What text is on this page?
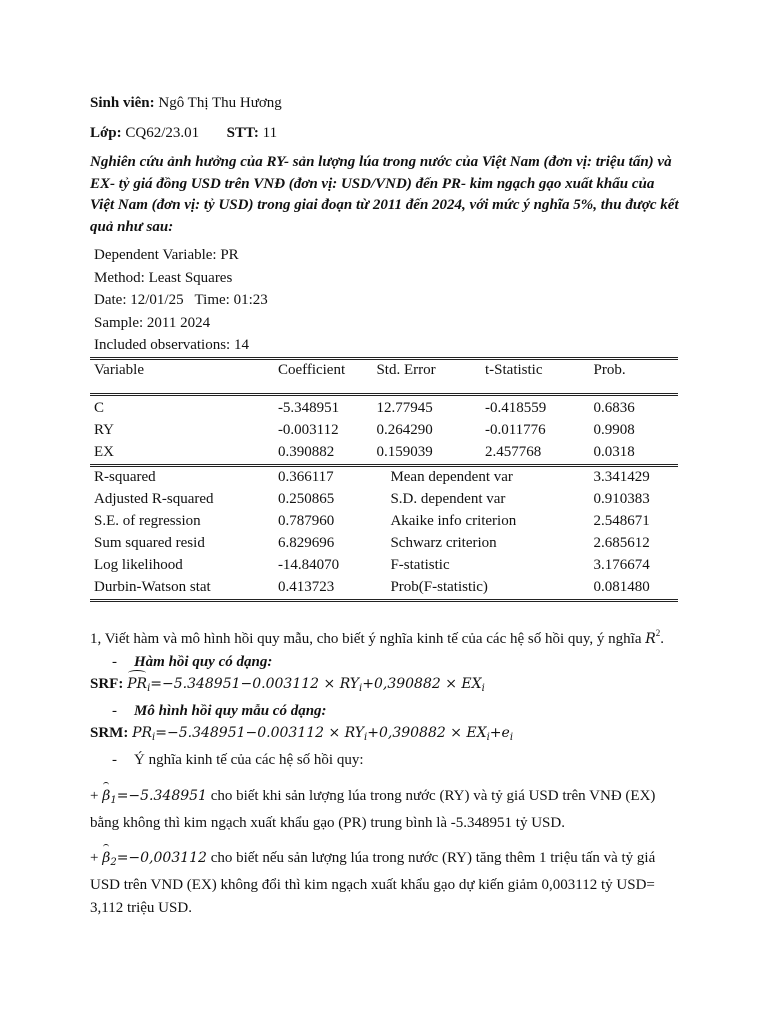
Sinh viên: Ngô Thị Thu Hương
Lớp: CQ62/23.01 STT: 11
Nghiên cứu ảnh hưởng của RY- sản lượng lúa trong nước của Việt Nam (đơn vị: triệu tấn) và EX- tỷ giá đồng USD trên VNĐ (đơn vị: USD/VND) đến PR- kim ngạch gạo xuất khẩu của Việt Nam (đơn vị: tỷ USD) trong giai đoạn từ 2011 đến 2024, với mức ý nghĩa 5%, thu được kết quả như sau:
Dependent Variable: PR
Method: Least Squares
Date: 12/01/25   Time: 01:23
Sample: 2011 2024
Included observations: 14
Variable	Coefficient	Std. Error	t-Statistic	Prob.

C	-5.348951	12.77945	-0.418559	0.6836
RY	-0.003112	0.264290	-0.011776	0.9908
EX	0.390882	0.159039	2.457768	0.0318
R-squared	0.366117	Mean dependent var		3.341429
Adjusted R-squared	0.250865	S.D. dependent var		0.910383
S.E. of regression	0.787960	Akaike info criterion		2.548671
Sum squared resid	6.829696	Schwarz criterion		2.685612
Log likelihood	-14.84070	F-statistic		3.176674
Durbin-Watson stat	0.413723	Prob(F-statistic)		0.081480
1, Viết hàm và mô hình hồi quy mẫu, cho biết ý nghĩa kinh tế của các hệ số hồi quy, ý nghĩa $R^2$.
- Hàm hồi quy có dạng:
SRF: $PR_i=-5.348951-0.003112 \times RY_i+0,390882 \times EX_i$
- Mô hình hồi quy mẫu có dạng:
SRM: $PR_i=-5.348951-0.003112 \times RY_i+0,390882 \times EX_i+e_i$
- Ý nghĩa kinh tế của các hệ số hồi quy:
+ $\beta_1=-5.348951$ cho biết khi sản lượng lúa trong nước (RY) và tỷ giá USD trên VNĐ (EX) bằng không thì kim ngạch xuất khẩu gạo (PR) trung bình là -5.348951 tỷ USD.
+ $\beta_2=-0,003112$ cho biết nếu sản lượng lúa trong nước (RY) tăng thêm 1 triệu tấn và tỷ giá USD trên VND (EX) không đổi thì kim ngạch xuất khẩu gạo dự kiến giảm 0,003112 tỷ USD= 3,112 triệu USD.
